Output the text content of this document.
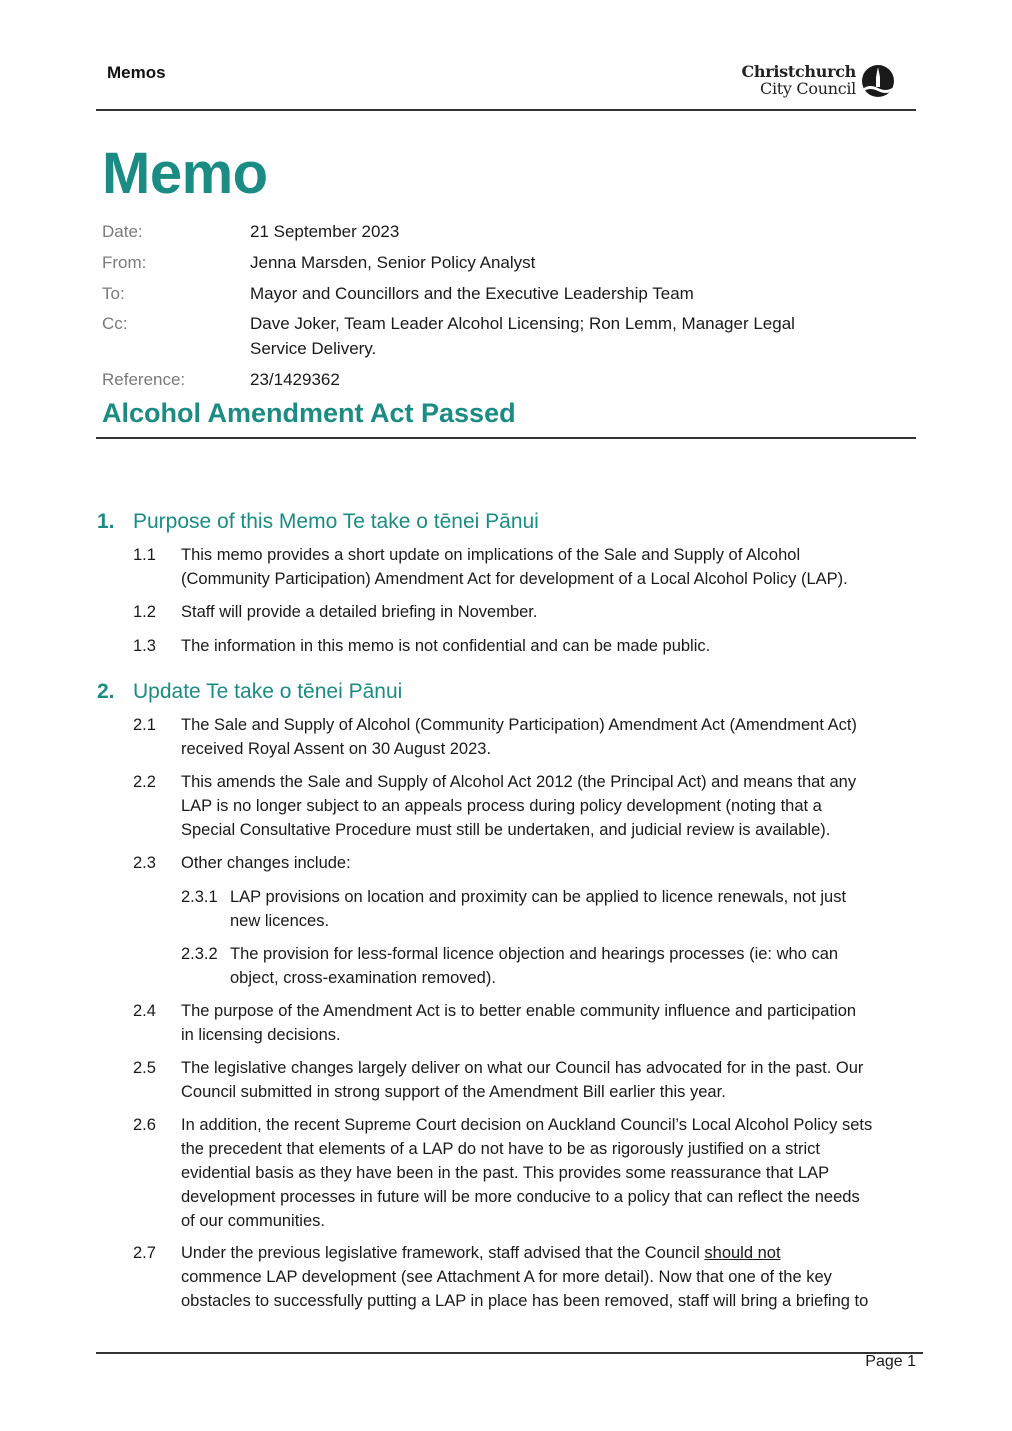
Memos	Christchurch
City Council
Memo
Date:	21 September 2023
From:	Jenna Marsden, Senior Policy Analyst
To:	Mayor and Councillors and the Executive Leadership Team
Cc:	Dave Joker, Team Leader Alcohol Licensing; Ron Lemm, Manager Legal
Service Delivery.
Reference:	23/1429362
Alcohol Amendment Act Passed
1. Purpose of this Memo Te take o tēnei Pānui
1.1 This memo provides a short update on implications of the Sale and Supply of Alcohol
(Community Participation) Amendment Act for development of a Local Alcohol Policy (LAP).
1.2 Staff will provide a detailed briefing in November.
1.3 The information in this memo is not confidential and can be made public.
2. Update Te take o tēnei Pānui
2.1 The Sale and Supply of Alcohol (Community Participation) Amendment Act (Amendment Act)
received Royal Assent on 30 August 2023.
2.2 This amends the Sale and Supply of Alcohol Act 2012 (the Principal Act) and means that any
LAP is no longer subject to an appeals process during policy development (noting that a
Special Consultative Procedure must still be undertaken, and judicial review is available).
2.3 Other changes include:
2.3.1 LAP provisions on location and proximity can be applied to licence renewals, not just
new licences.
2.3.2 The provision for less-formal licence objection and hearings processes (ie: who can
object, cross-examination removed).
2.4 The purpose of the Amendment Act is to better enable community influence and participation
in licensing decisions.
2.5 The legislative changes largely deliver on what our Council has advocated for in the past. Our
Council submitted in strong support of the Amendment Bill earlier this year.
2.6 In addition, the recent Supreme Court decision on Auckland Council’s Local Alcohol Policy sets
the precedent that elements of a LAP do not have to be as rigorously justified on a strict
evidential basis as they have been in the past. This provides some reassurance that LAP
development processes in future will be more conducive to a policy that can reflect the needs
of our communities.
2.7 Under the previous legislative framework, staff advised that the Council should not
commence LAP development (see Attachment A for more detail). Now that one of the key
obstacles to successfully putting a LAP in place has been removed, staff will bring a briefing to
Page 1
